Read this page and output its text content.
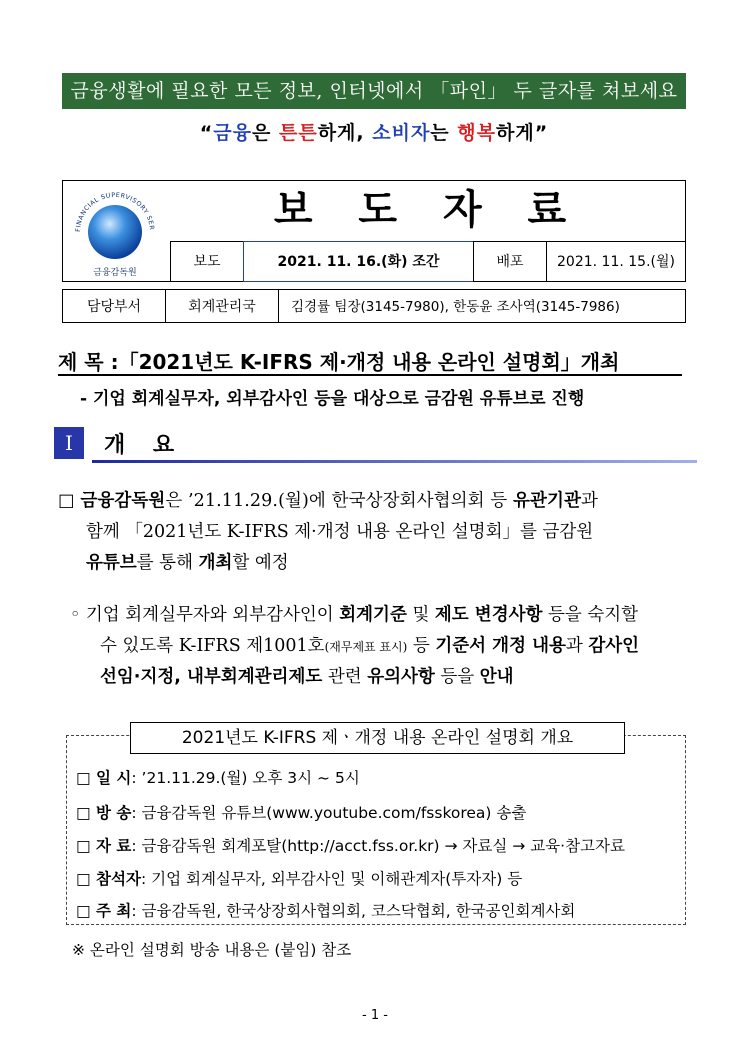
금융생활에 필요한 모든 정보, 인터넷에서 「파인」 두 글자를 쳐보세요
“금융은 튼튼하게, 소비자는 행복하게”
FINANCIAL SUPERVISORY SER
금융감독원
보 도 자 료
보도	2021. 11. 16.(화) 조간	배포	2021. 11. 15.(월)
담당부서	회계관리국	김경률 팀장(3145-7980), 한동윤 조사역(3145-7986)
제 목 :「2021년도 K-IFRS 제·개정 내용 온라인 설명회」개최
- 기업 회계실무자, 외부감사인 등을 대상으로 금감원 유튜브로 진행
Ⅰ	개 요
□ 금융감독원은 ’21.11.29.(월)에 한국상장회사협의회 등 유관기관과
함께 「2021년도 K-IFRS 제·개정 내용 온라인 설명회」를 금감원
유튜브를 통해 개최할 예정
◦ 기업 회계실무자와 외부감사인이 회계기준 및 제도 변경사항 등을 숙지할
수 있도록 K-IFRS 제1001호(재무제표 표시) 등 기준서 개정 내용과 감사인
선임·지정, 내부회계관리제도 관련 유의사항 등을 안내
2021년도 K-IFRS 제ㆍ개정 내용 온라인 설명회 개요
□ 일 시: ’21.11.29.(월) 오후 3시 ~ 5시
□ 방 송: 금융감독원 유튜브(www.youtube.com/fsskorea) 송출
□ 자 료: 금융감독원 회계포탈(http://acct.fss.or.kr) → 자료실 → 교육·참고자료
□ 참석자: 기업 회계실무자, 외부감사인 및 이해관계자(투자자) 등
□ 주 최: 금융감독원, 한국상장회사협의회, 코스닥협회, 한국공인회계사회
※ 온라인 설명회 방송 내용은 (붙임) 참조
- 1 -
